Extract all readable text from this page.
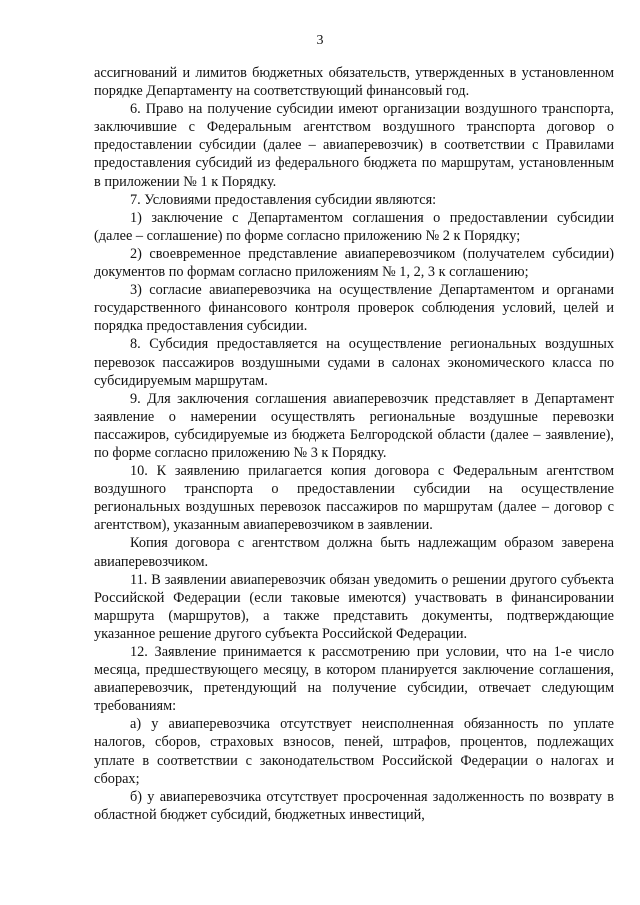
3

ассигнований и лимитов бюджетных обязательств, утвержденных в установленном порядке Департаменту на соответствующий финансовый год.

6. Право на получение субсидии имеют организации воздушного транспорта, заключившие с Федеральным агентством воздушного транспорта договор о предоставлении субсидии (далее – авиаперевозчик) в соответствии с Правилами предоставления субсидий из федерального бюджета по маршрутам, установленным в приложении № 1 к Порядку.

7. Условиями предоставления субсидии являются:

1) заключение с Департаментом соглашения о предоставлении субсидии (далее – соглашение) по форме согласно приложению № 2 к Порядку;

2) своевременное представление авиаперевозчиком (получателем субсидии) документов по формам согласно приложениям № 1, 2, 3 к соглашению;

3) согласие авиаперевозчика на осуществление Департаментом и органами государственного финансового контроля проверок соблюдения условий, целей и порядка предоставления субсидии.

8. Субсидия предоставляется на осуществление региональных воздушных перевозок пассажиров воздушными судами в салонах экономического класса по субсидируемым маршрутам.

9. Для заключения соглашения авиаперевозчик представляет в Департамент заявление о намерении осуществлять региональные воздушные перевозки пассажиров, субсидируемые из бюджета Белгородской области (далее – заявление), по форме согласно приложению № 3 к Порядку.

10. К заявлению прилагается копия договора с Федеральным агентством воздушного транспорта о предоставлении субсидии на осуществление региональных воздушных перевозок пассажиров по маршрутам (далее – договор с агентством), указанным авиаперевозчиком в заявлении.

Копия договора с агентством должна быть надлежащим образом заверена авиаперевозчиком.

11. В заявлении авиаперевозчик обязан уведомить о решении другого субъекта Российской Федерации (если таковые имеются) участвовать в финансировании маршрута (маршрутов), а также представить документы, подтверждающие указанное решение другого субъекта Российской Федерации.

12. Заявление принимается к рассмотрению при условии, что на 1-е число месяца, предшествующего месяцу, в котором планируется заключение соглашения, авиаперевозчик, претендующий на получение субсидии, отвечает следующим требованиям:

а) у авиаперевозчика отсутствует неисполненная обязанность по уплате налогов, сборов, страховых взносов, пеней, штрафов, процентов, подлежащих уплате в соответствии с законодательством Российской Федерации о налогах и сборах;

б) у авиаперевозчика отсутствует просроченная задолженность по возврату в областной бюджет субсидий, бюджетных инвестиций,
